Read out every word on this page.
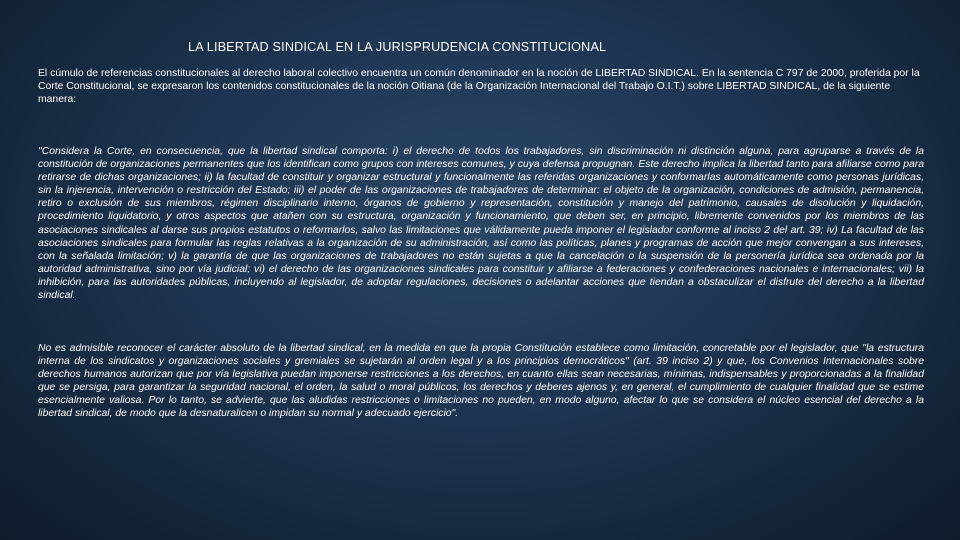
LA LIBERTAD SINDICAL EN LA JURISPRUDENCIA CONSTITUCIONAL

El cúmulo de referencias constitucionales al derecho laboral colectivo encuentra un común denominador en la noción de LIBERTAD SINDICAL. En la sentencia C 797 de 2000, proferida por la Corte Constitucional, se expresaron los contenidos constitucionales de la noción Oitiana (de la Organización Internacional del Trabajo O.I.T.) sobre LIBERTAD SINDICAL, de la siguiente manera:

"Considera la Corte, en consecuencia, que la libertad sindical comporta: i) el derecho de todos los trabajadores, sin discriminación ni distinción alguna, para agruparse a través de la constitución de organizaciones permanentes que los identifican como grupos con intereses comunes, y cuya defensa propugnan. Este derecho implica la libertad tanto para afiliarse como para retirarse de dichas organizaciones; ii) la facultad de constituir y organizar estructural y funcionalmente las referidas organizaciones y conformarlas automáticamente como personas jurídicas, sin la injerencia, intervención o restricción del Estado; iii) el poder de las organizaciones de trabajadores de determinar: el objeto de la organización, condiciones de admisión, permanencia, retiro o exclusión de sus miembros, régimen disciplinario interno, órganos de gobierno y representación, constitución y manejo del patrimonio, causales de disolución y liquidación, procedimiento liquidatorio, y otros aspectos que atañen con su estructura, organización y funcionamiento, que deben ser, en principio, libremente convenidos por los miembros de las asociaciones sindicales al darse sus propios estatutos o reformarlos, salvo las limitaciones que válidamente pueda imponer el legislador conforme al inciso 2 del art. 39; iv) La facultad de las asociaciones sindicales para formular las reglas relativas a la organización de su administración, así como las políticas, planes y programas de acción que mejor convengan a sus intereses, con la señalada limitación; v) la garantía de que las organizaciones de trabajadores no están sujetas a que la cancelación o la suspensión de la personería jurídica sea ordenada por la autoridad administrativa, sino por vía judicial; vi) el derecho de las organizaciones sindicales para constituir y afiliarse a federaciones y confederaciones nacionales e internacionales; vii) la inhibición, para las autoridades públicas, incluyendo al legislador, de adoptar regulaciones, decisiones o adelantar acciones que tiendan a obstaculizar el disfrute del derecho a la libertad sindical.

No es admisible reconocer el carácter absoluto de la libertad sindical, en la medida en que la propia Constitución establece como limitación, concretable por el legislador, que "la estructura interna de los sindicatos y organizaciones sociales y gremiales se sujetarán al orden legal y a los principios democráticos" (art. 39 inciso 2) y que, los Convenios Internacionales sobre derechos humanos autorizan que por vía legislativa puedan imponerse restricciones a los derechos, en cuanto ellas sean necesarias, mínimas, indispensables y proporcionadas a la finalidad que se persiga, para garantizar la seguridad nacional, el orden, la salud o moral públicos, los derechos y deberes ajenos y, en general, el cumplimiento de cualquier finalidad que se estime esencialmente valiosa. Por lo tanto, se advierte, que las aludidas restricciones o limitaciones no pueden, en modo alguno, afectar lo que se considera el núcleo esencial del derecho a la libertad sindical, de modo que la desnaturalicen o impidan su normal y adecuado ejercicio".
